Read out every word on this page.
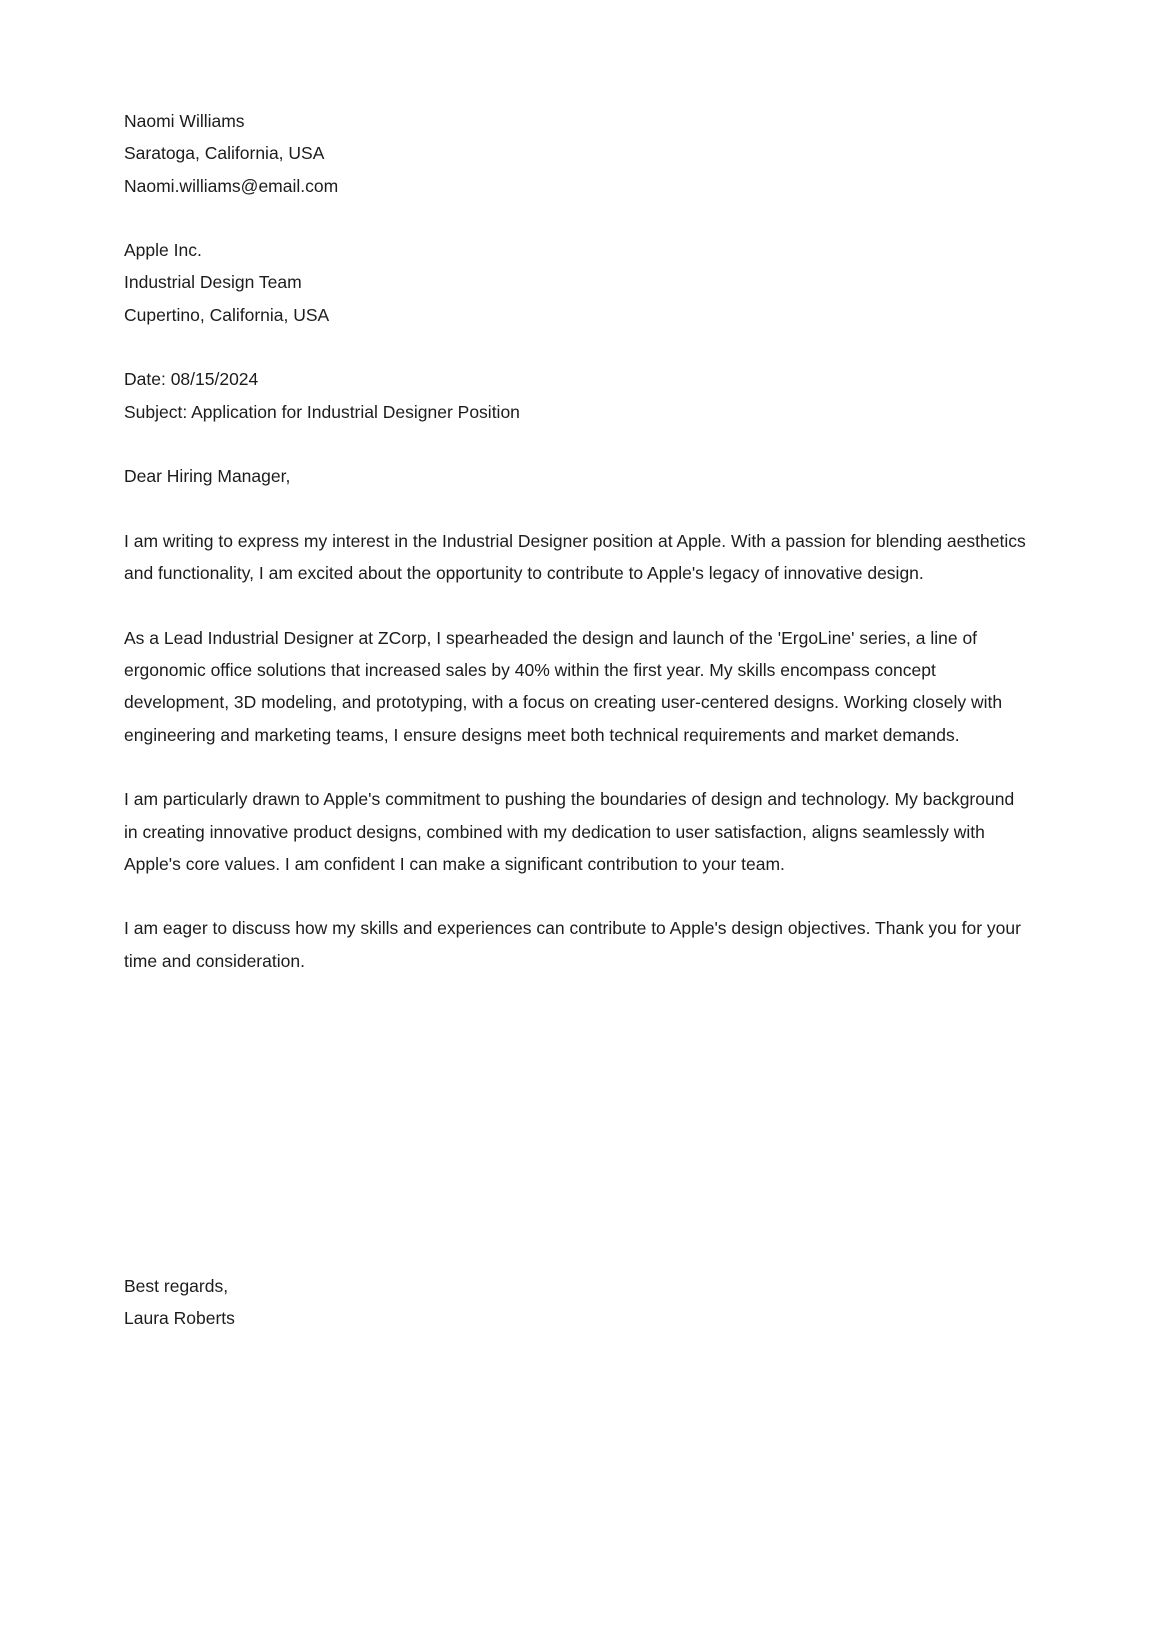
Naomi Williams
Saratoga, California, USA
Naomi.williams@email.com
Apple Inc.
Industrial Design Team
Cupertino, California, USA
Date: 08/15/2024
Subject: Application for Industrial Designer Position
Dear Hiring Manager,

I am writing to express my interest in the Industrial Designer position at Apple. With a passion for blending aesthetics and functionality, I am excited about the opportunity to contribute to Apple's legacy of innovative design.

As a Lead Industrial Designer at ZCorp, I spearheaded the design and launch of the 'ErgoLine' series, a line of ergonomic office solutions that increased sales by 40% within the first year. My skills encompass concept development, 3D modeling, and prototyping, with a focus on creating user-centered designs. Working closely with engineering and marketing teams, I ensure designs meet both technical requirements and market demands.

I am particularly drawn to Apple's commitment to pushing the boundaries of design and technology. My background in creating innovative product designs, combined with my dedication to user satisfaction, aligns seamlessly with Apple's core values. I am confident I can make a significant contribution to your team.

I am eager to discuss how my skills and experiences can contribute to Apple's design objectives. Thank you for your time and consideration.

Best regards,
Laura Roberts
